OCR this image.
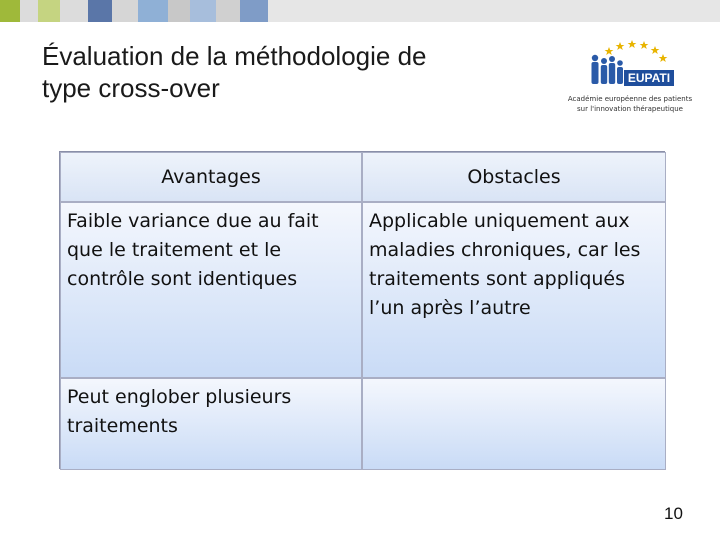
Évaluation de la méthodologie de
type cross-over	EUPATI
Académie européenne des patients
sur l'innovation thérapeutique
Avantages	Obstacles
Faible variance due au fait que le traitement et le contrôle sont identiques
Applicable uniquement aux maladies chroniques, car les traitements sont appliqués l’un après l’autre
Peut englober plusieurs traitements
10
